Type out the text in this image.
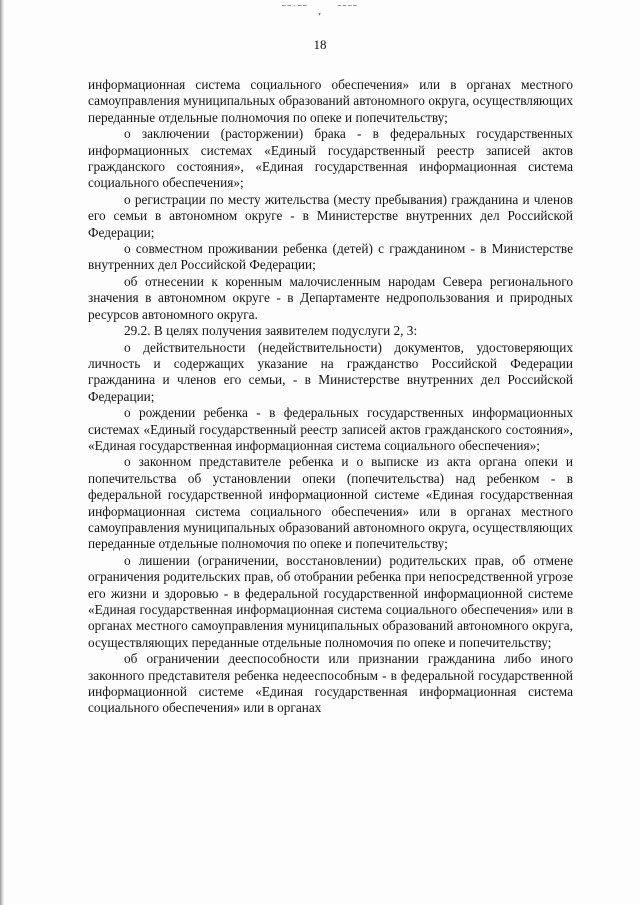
~~-~~	~~~~
▾
18

информационная система социального обеспечения» или в органах местного самоуправления муниципальных образований автономного округа, осуществляющих переданные отдельные полномочия по опеке и попечительству;

о заключении (расторжении) брака - в федеральных государственных информационных системах «Единый государственный реестр записей актов гражданского состояния», «Единая государственная информационная система социального обеспечения»;

о регистрации по месту жительства (месту пребывания) гражданина и членов его семьи в автономном округе - в Министерстве внутренних дел Российской Федерации;

о совместном проживании ребенка (детей) с гражданином - в Министерстве внутренних дел Российской Федерации;

об отнесении к коренным малочисленным народам Севера регионального значения в автономном округе - в Департаменте недропользования и природных ресурсов автономного округа.

29.2. В целях получения заявителем подуслуги 2, 3:

о действительности (недействительности) документов, удостоверяющих личность и содержащих указание на гражданство Российской Федерации гражданина и членов его семьи, - в Министерстве внутренних дел Российской Федерации;

о рождении ребенка - в федеральных государственных информационных системах «Единый государственный реестр записей актов гражданского состояния», «Единая государственная информационная система социального обеспечения»;

о законном представителе ребенка и о выписке из акта органа опеки и попечительства об установлении опеки (попечительства) над ребенком - в федеральной государственной информационной системе «Единая государственная информационная система социального обеспечения» или в органах местного самоуправления муниципальных образований автономного округа, осуществляющих переданные отдельные полномочия по опеке и попечительству;

о лишении (ограничении, восстановлении) родительских прав, об отмене ограничения родительских прав, об отобрании ребенка при непосредственной угрозе его жизни и здоровью - в федеральной государственной информационной системе «Единая государственная информационная система социального обеспечения» или в органах местного самоуправления муниципальных образований автономного округа, осуществляющих переданные отдельные полномочия по опеке и попечительству;

об ограничении дееспособности или признании гражданина либо иного законного представителя ребенка недееспособным - в федеральной государственной информационной системе «Единая государственная информационная система социального обеспечения» или в органах
